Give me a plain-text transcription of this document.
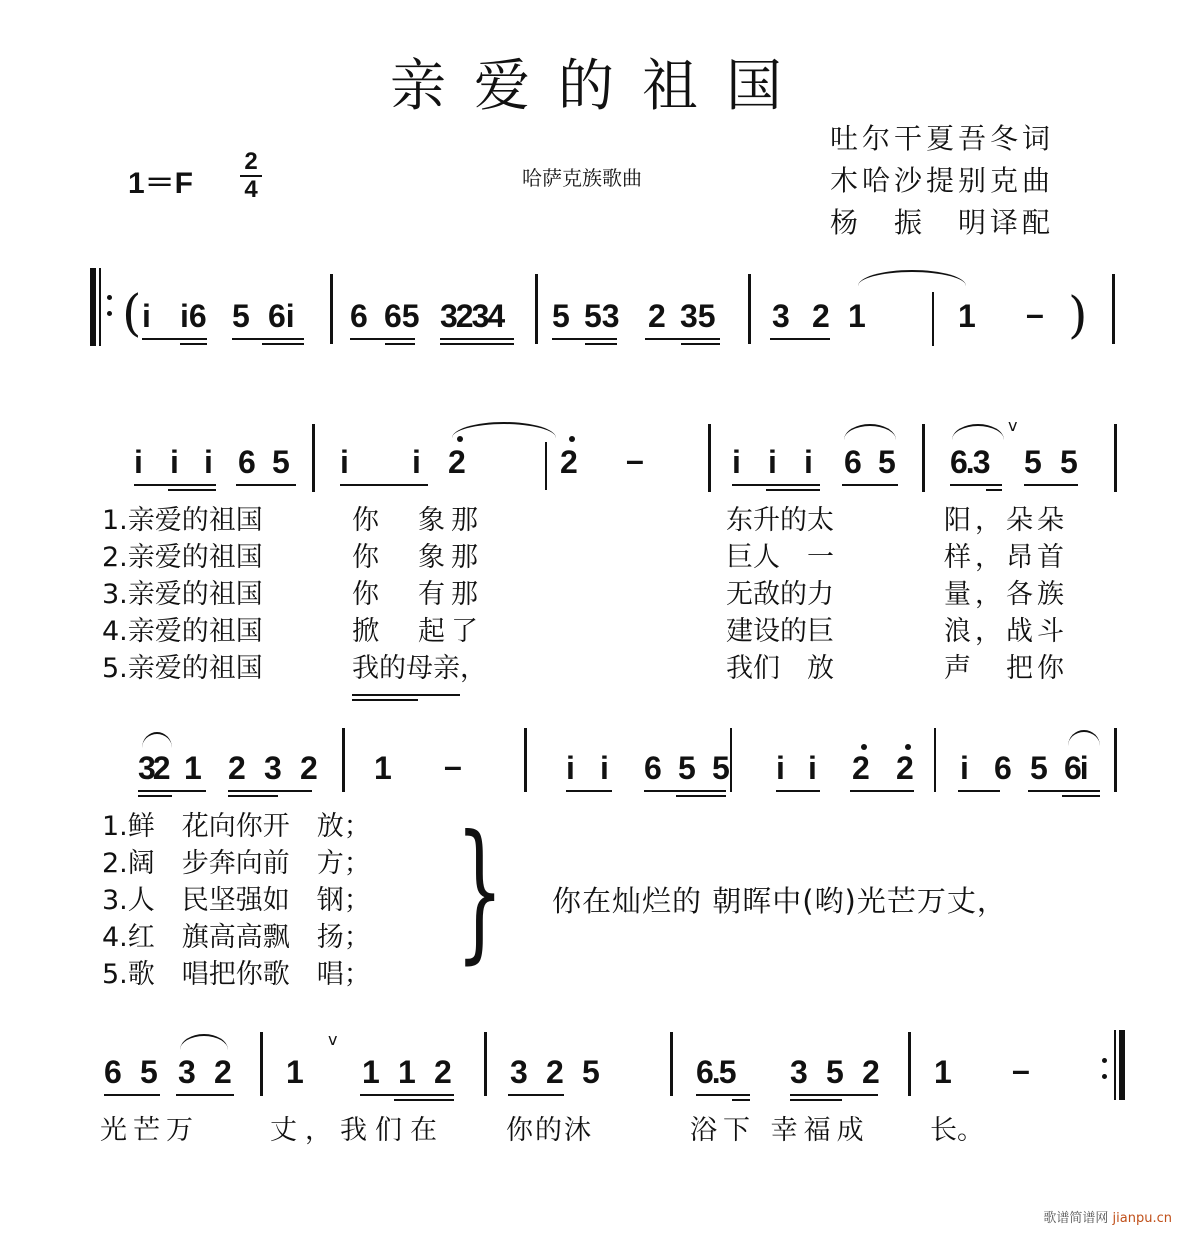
亲爱的祖国
1＝F
2
4	哈萨克族歌曲
吐尔干夏吾冬词
木哈沙提别克曲
杨　振　明译配
( i i6 5 6i 6 65 3234 5 53 2 35 3 2 1	1 – )
i i i 6 5 i i 2	2 –	i i i 6 5 6.3 5 5
v
1.亲爱的祖国	你　象那	东升的太	阳，朵朵
2.亲爱的祖国	你　象那	巨人　一	样，昂首
3.亲爱的祖国	你　有那	无敌的力	量，各族
4.亲爱的祖国	掀　起了	建设的巨	浪，战斗
5.亲爱的祖国	我的母亲，	我们　放	声　把你
32 1 2 3 2 1 –	i i 6 5 5 i i 2 2 i 6 5 6i
1.鲜　花向你开　放；
2.阔　步奔向前　方；
3.人　民坚强如　钢；
4.红　旗高高飘　扬；
5.歌　唱把你歌　唱； } 你在灿烂的 朝晖中(哟)光芒万丈，
6 5 3 2 1
v
1 1 2 3 2 5	6.5 3 5 2 1 –
光芒万	丈，我们在 你的沐	浴下 幸福成 长。
歌谱简谱网 jianpu.cn
